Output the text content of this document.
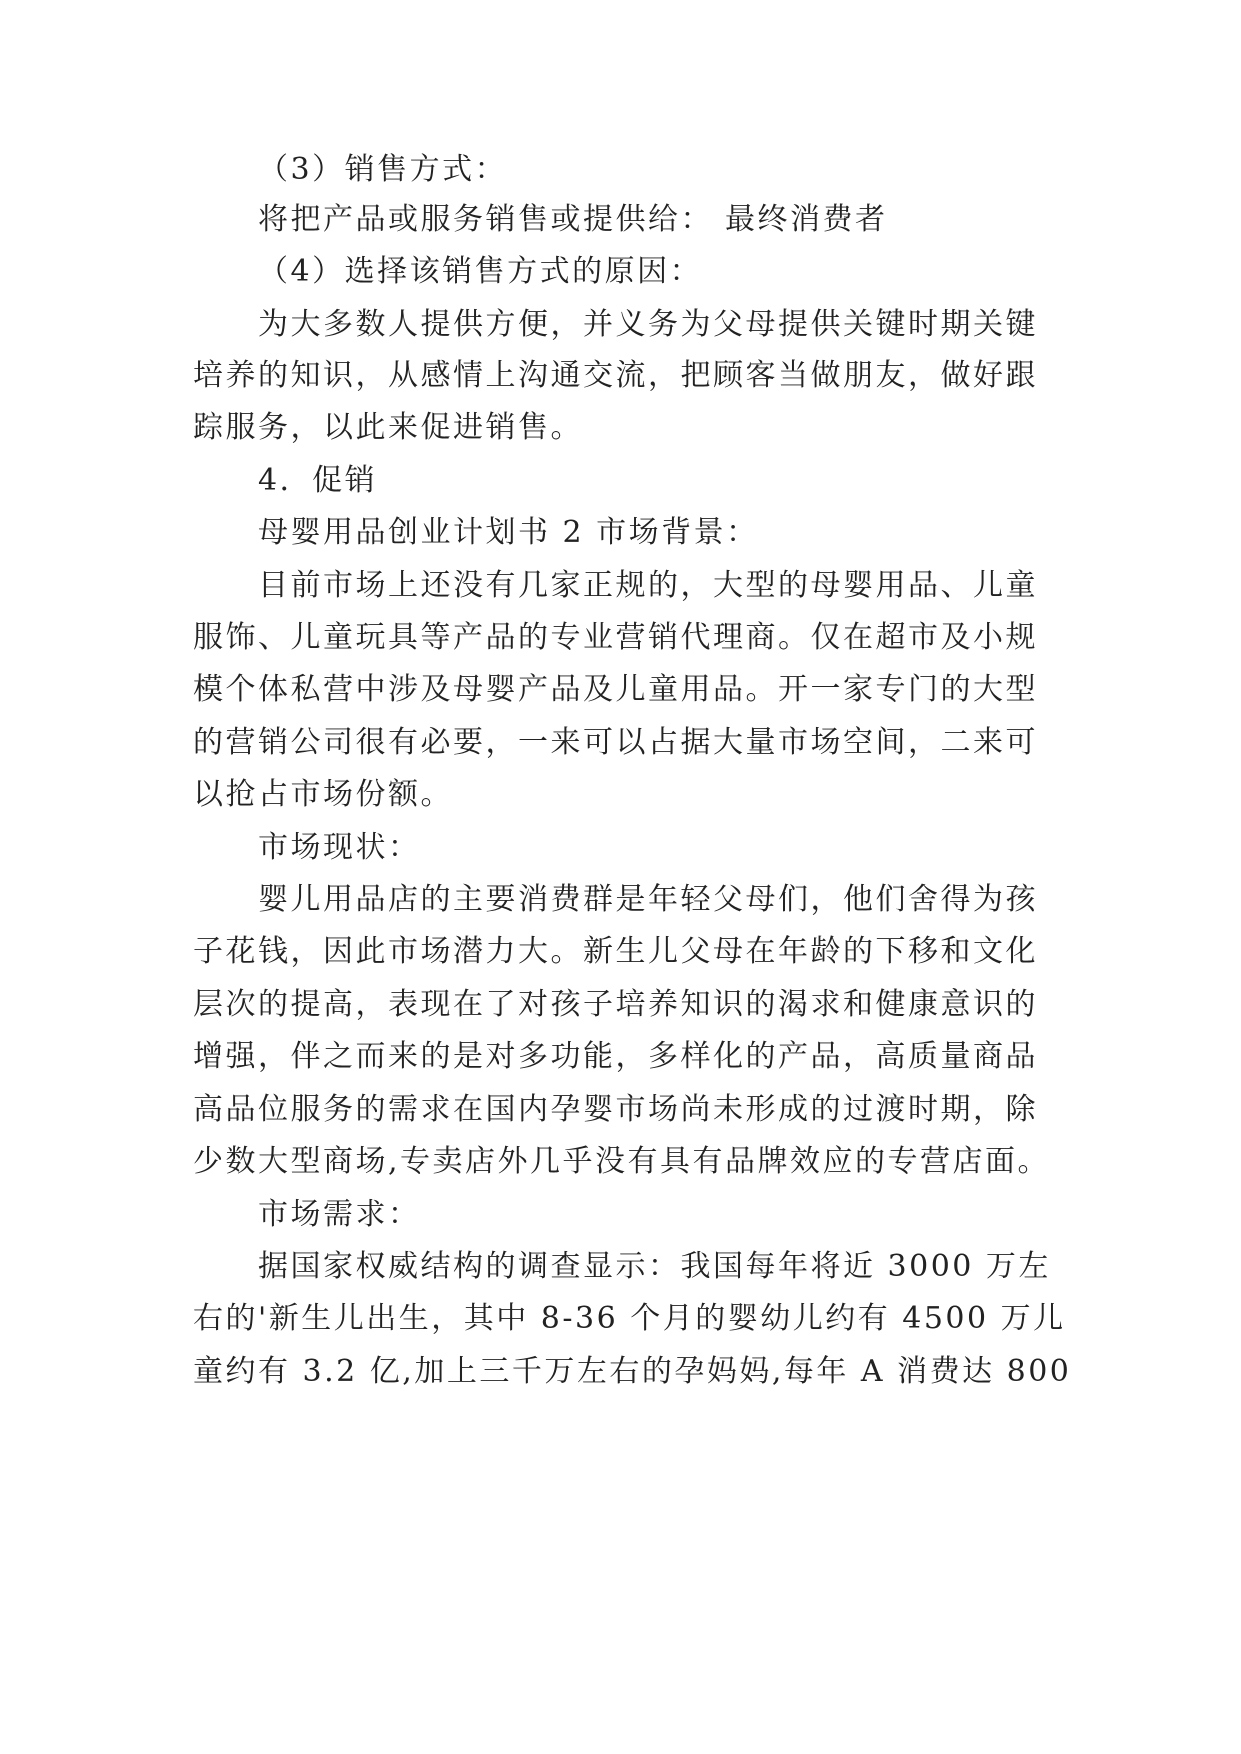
（3）销售方式：
将把产品或服务销售或提供给： 最终消费者
（4）选择该销售方式的原因：
为大多数人提供方便，并义务为父母提供关键时期关键
培养的知识，从感情上沟通交流，把顾客当做朋友，做好跟
踪服务，以此来促进销售。
4．促销
母婴用品创业计划书 2 市场背景：
目前市场上还没有几家正规的，大型的母婴用品、儿童
服饰、儿童玩具等产品的专业营销代理商。仅在超市及小规
模个体私营中涉及母婴产品及儿童用品。开一家专门的大型
的营销公司很有必要，一来可以占据大量市场空间，二来可
以抢占市场份额。
市场现状：
婴儿用品店的主要消费群是年轻父母们，他们舍得为孩
子花钱，因此市场潜力大。新生儿父母在年龄的下移和文化
层次的提高，表现在了对孩子培养知识的渴求和健康意识的
增强，伴之而来的是对多功能，多样化的产品，高质量商品
高品位服务的需求在国内孕婴市场尚未形成的过渡时期，除
少数大型商场,专卖店外几乎没有具有品牌效应的专营店面。
市场需求：
据国家权威结构的调查显示：我国每年将近 3000 万左
右的'新生儿出生，其中 8-36 个月的婴幼儿约有 4500 万儿
童约有 3.2 亿,加上三千万左右的孕妈妈,每年 A 消费达 800
